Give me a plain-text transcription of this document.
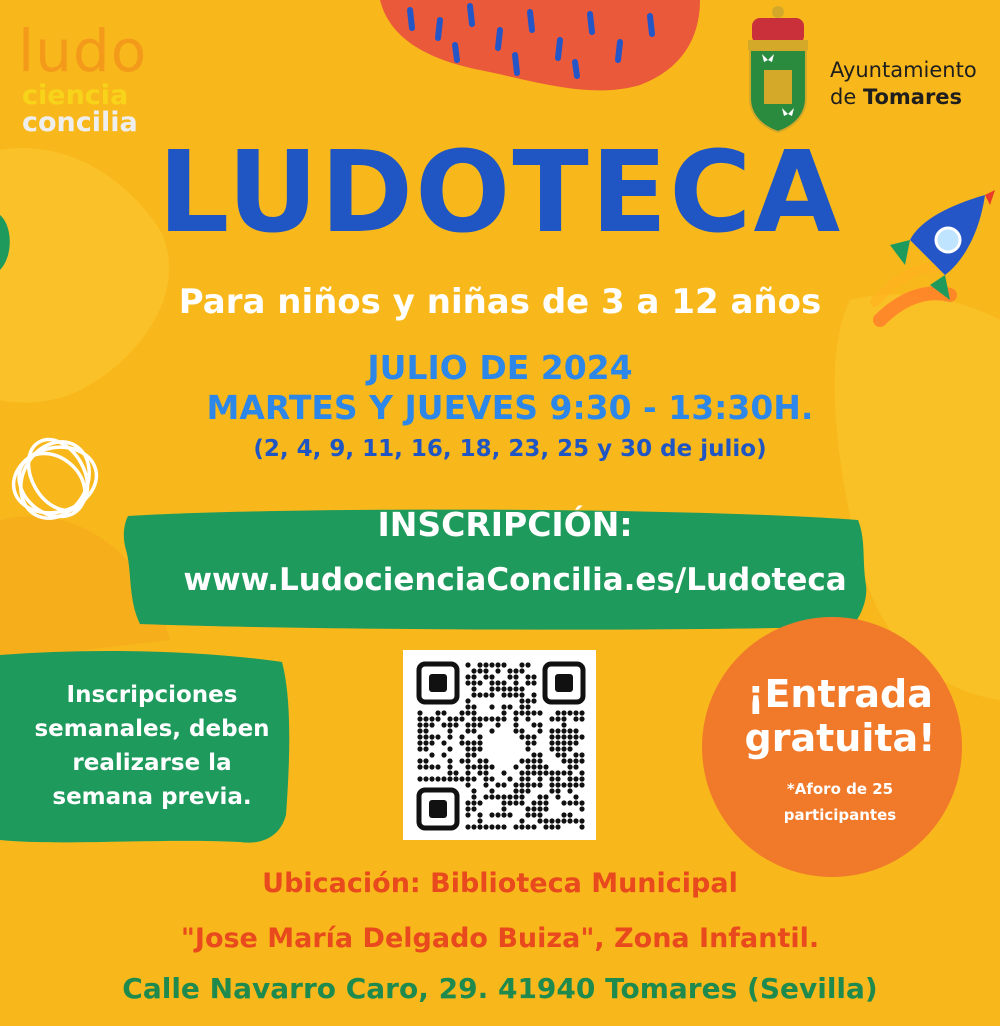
ludo
ciencia
concilia
Ayuntamiento
de Tomares
LUDOTECA
Para niños y niñas de 3 a 12 años
JULIO DE 2024
MARTES Y JUEVES 9:30 - 13:30H.
(2, 4, 9, 11, 16, 18, 23, 25 y 30 de julio)
INSCRIPCIÓN:
www.LudocienciaConcilia.es/Ludoteca
Inscripciones
semanales, deben
realizarse la
semana previa.
¡Entrada
gratuita!
*Aforo de 25
participantes
Ubicación: Biblioteca Municipal
"Jose María Delgado Buiza", Zona Infantil.
Calle Navarro Caro, 29. 41940 Tomares (Sevilla)
